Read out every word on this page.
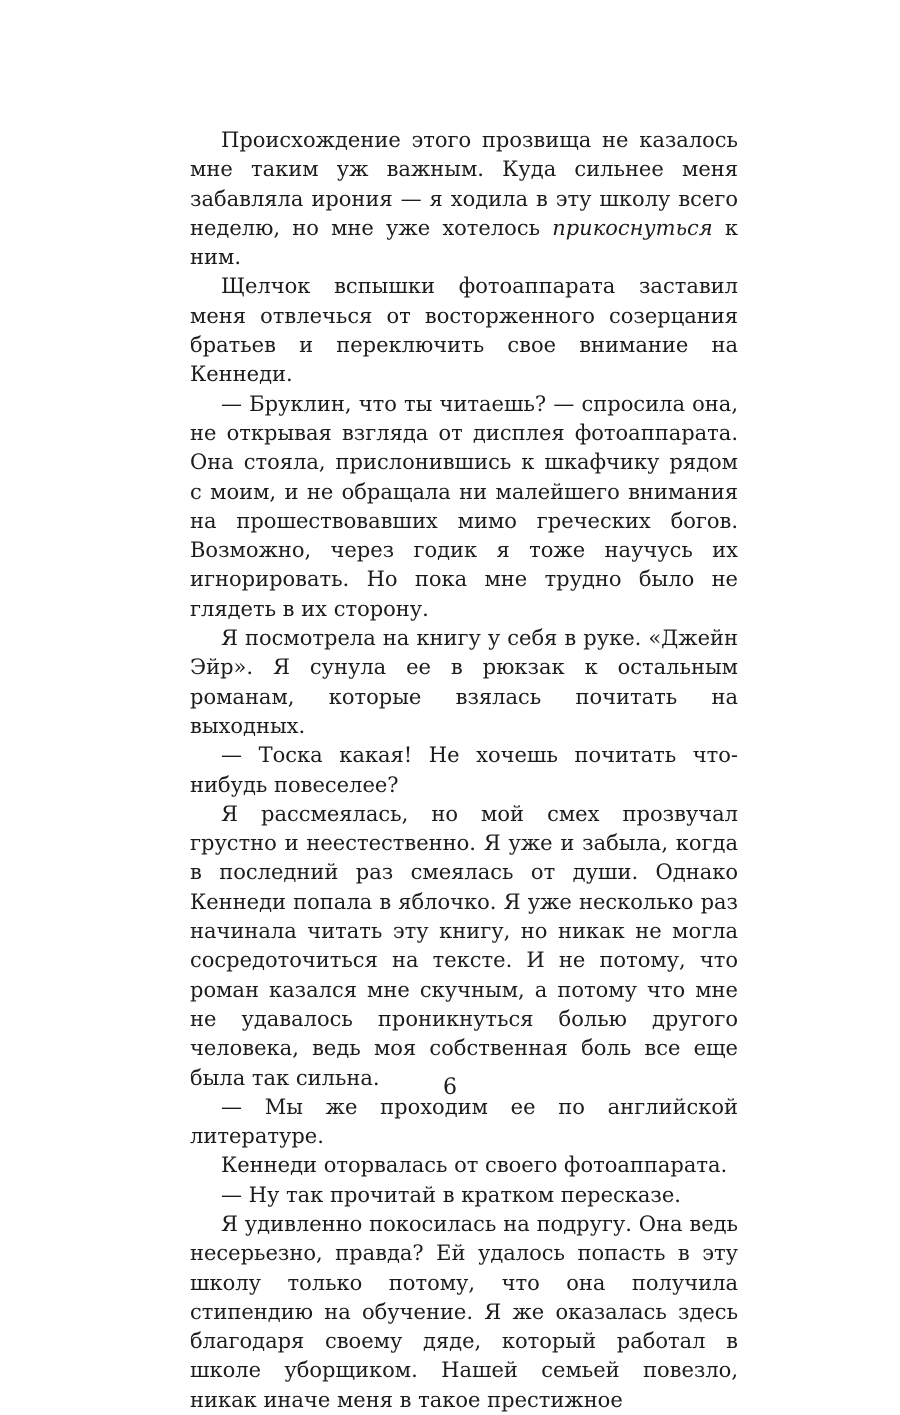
Происхождение этого прозвища не казалось мне таким уж важным. Куда сильнее меня забавляла ирония — я ходила в эту школу всего неделю, но мне уже хотелось прикоснуться к ним.

Щелчок вспышки фотоаппарата заставил меня отвлечься от восторженного созерцания братьев и переключить свое внимание на Кеннеди.

— Бруклин, что ты читаешь? — спросила она, не открывая взгляда от дисплея фотоаппарата. Она стояла, прислонившись к шкафчику рядом с моим, и не обращала ни малейшего внимания на прошествовавших мимо греческих богов. Возможно, через годик я тоже научусь их игнорировать. Но пока мне трудно было не глядеть в их сторону.

Я посмотрела на книгу у себя в руке. «Джейн Эйр». Я сунула ее в рюкзак к остальным романам, которые взялась почитать на выходных.

— Тоска какая! Не хочешь почитать что-нибудь повеселее?

Я рассмеялась, но мой смех прозвучал грустно и неестественно. Я уже и забыла, когда в последний раз смеялась от души. Однако Кеннеди попала в яблочко. Я уже несколько раз начинала читать эту книгу, но никак не могла сосредоточиться на тексте. И не потому, что роман казался мне скучным, а потому что мне не удавалось проникнуться болью другого человека, ведь моя собственная боль все еще была так сильна.

— Мы же проходим ее по английской литературе.

Кеннеди оторвалась от своего фотоаппарата.

— Ну так прочитай в кратком пересказе.

Я удивленно покосилась на подругу. Она ведь несерьезно, правда? Ей удалось попасть в эту школу только потому, что она получила стипендию на обучение. Я же оказалась здесь благодаря своему дяде, который работал в школе уборщиком. Нашей семьей повезло, никак иначе меня в такое престижное

6
